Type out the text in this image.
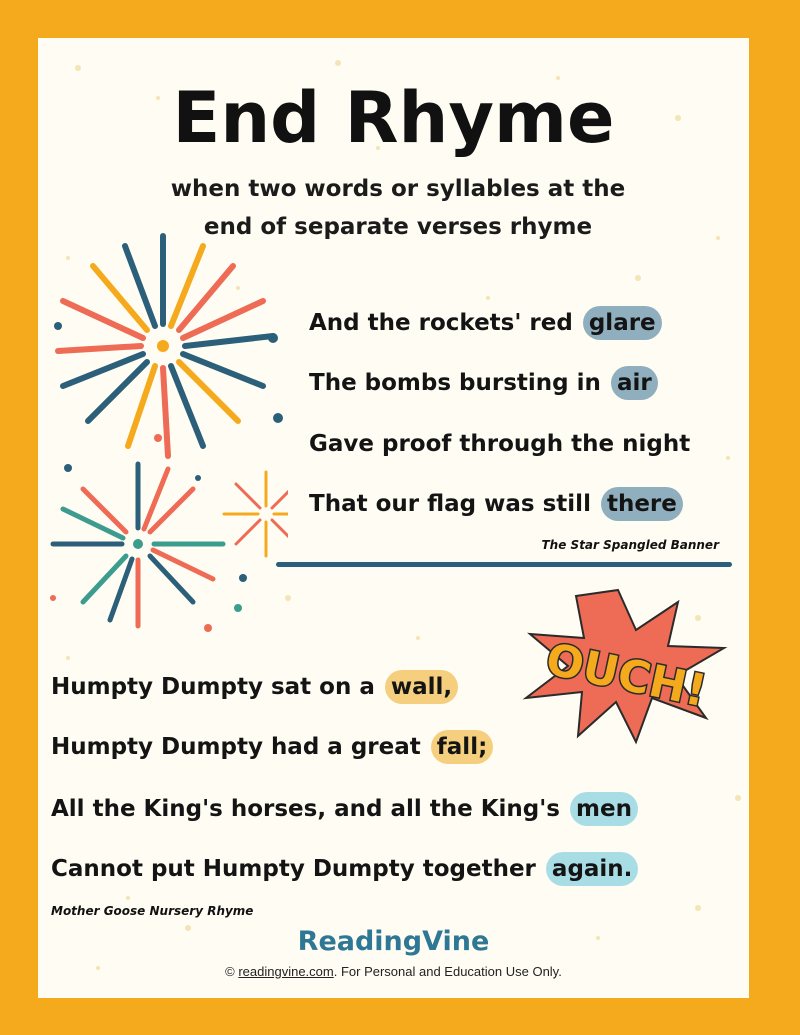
End Rhyme
when two words or syllables at the
end of separate verses rhyme
And the rockets' red glare
The bombs bursting in air
Gave proof through the night
That our flag was still there
The Star Spangled Banner
OUCH!
Humpty Dumpty sat on a wall,
Humpty Dumpty had a great fall;
All the King's horses, and all the King's men
Cannot put Humpty Dumpty together again.
Mother Goose Nursery Rhyme
ReadingVine
© readingvine.com. For Personal and Education Use Only.
